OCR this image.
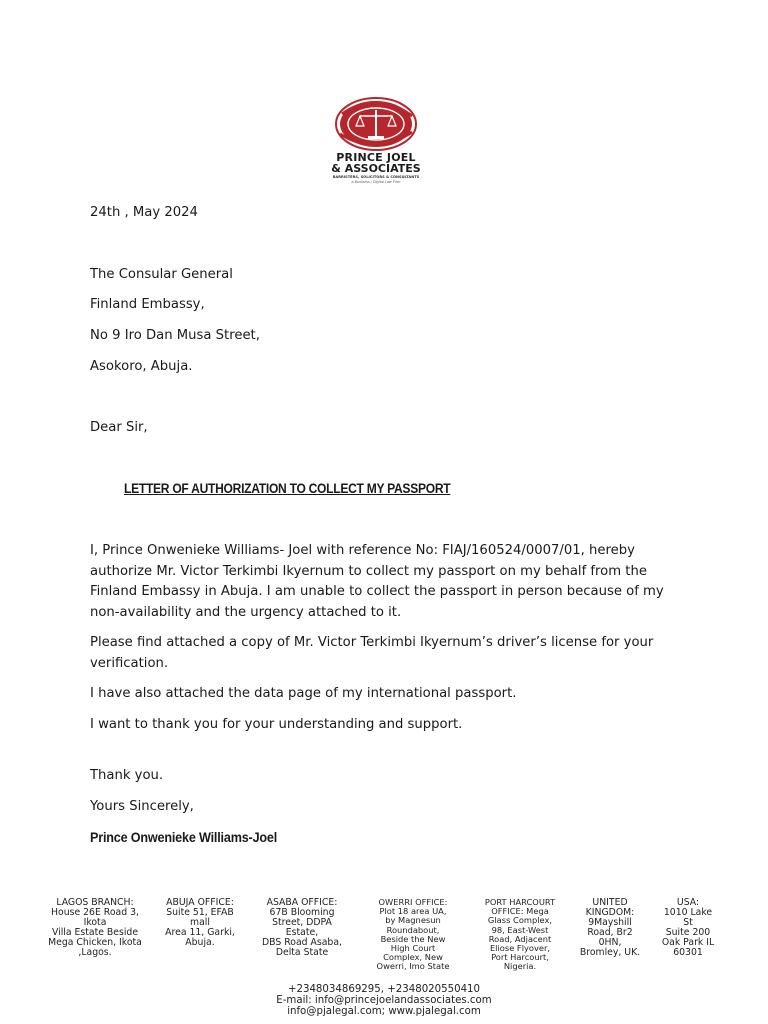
PRINCE JOEL
& ASSOCIATES
BARRISTERS, SOLICITORS & CONSULTANTS
a Business / Digital Law Firm
24th , May 2024
The Consular General
Finland Embassy,
No 9 Iro Dan Musa Street,
Asokoro, Abuja.
Dear Sir,
LETTER OF AUTHORIZATION TO COLLECT MY PASSPORT
I, Prince Onwenieke Williams- Joel with reference No: FIAJ/160524/0007/01, hereby authorize Mr. Victor Terkimbi Ikyernum to collect my passport on my behalf from the Finland Embassy in Abuja. I am unable to collect the passport in person because of my non-availability and the urgency attached to it.
Please find attached a copy of Mr. Victor Terkimbi Ikyernum’s driver’s license for your verification.
I have also attached the data page of my international passport.
I want to thank you for your understanding and support.
Thank you.
Yours Sincerely,
Prince Onwenieke Williams-Joel
LAGOS BRANCH:
House 26E Road 3,
Ikota
Villa Estate Beside
Mega Chicken, Ikota
,Lagos.
ABUJA OFFICE:
Suite 51, EFAB
mall
Area 11, Garki,
Abuja.
ASABA OFFICE:
67B Blooming
Street, DDPA
Estate,
DBS Road Asaba,
Delta State
OWERRI OFFICE:
Plot 18 area UA,
by Magnesun
Roundabout,
Beside the New
High Court
Complex, New
Owerri, Imo State
PORT HARCOURT
OFFICE: Mega
Glass Complex,
98, East-West
Road, Adjacent
Eliose Flyover,
Port Harcourt,
Nigeria.
UNITED
KINGDOM:
9Mayshill
Road, Br2
0HN,
Bromley, UK.
USA:
1010 Lake
St
Suite 200
Oak Park IL
60301
+2348034869295, +2348020550410
E-mail: info@princejoelandassociates.com
info@pjalegal.com; www.pjalegal.com
